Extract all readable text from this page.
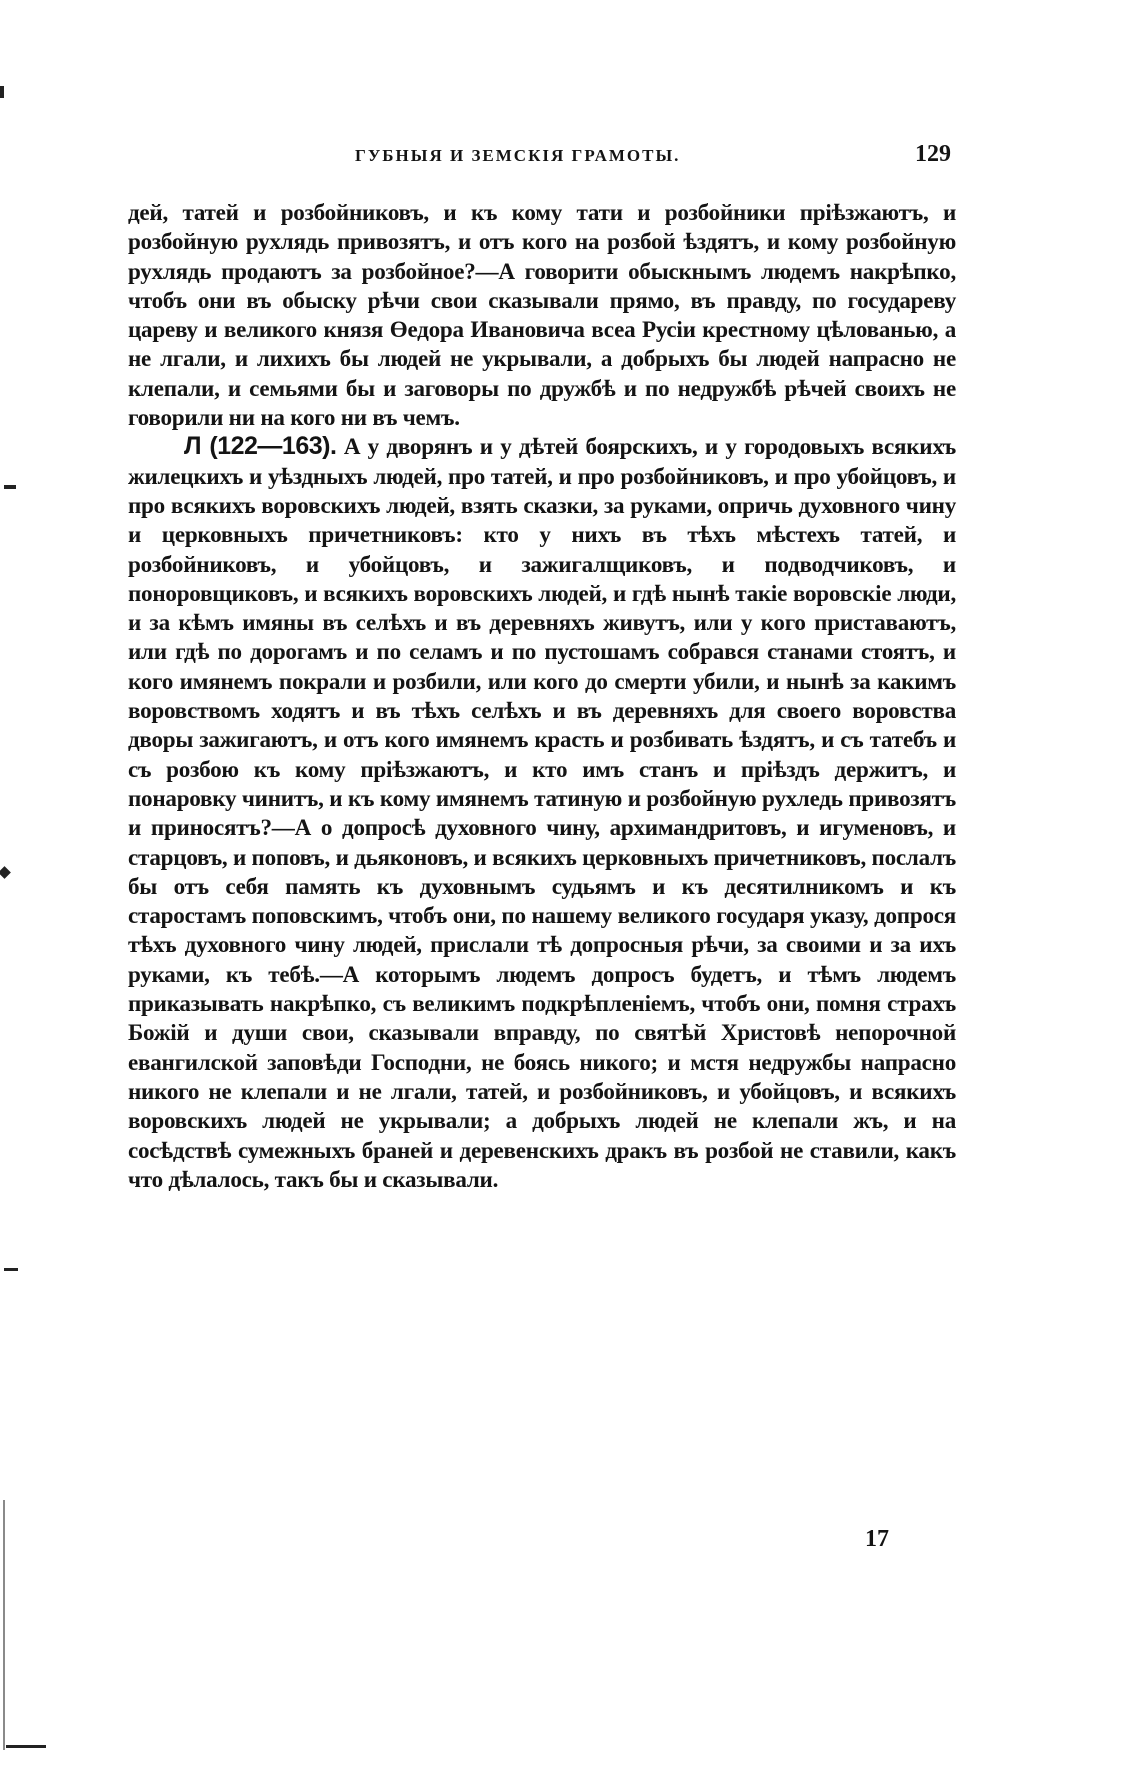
ГУБНЫЯ И ЗЕМСКІЯ ГРАМОТЫ.	129

дей, татей и розбойниковъ, и къ кому тати и розбойники пріѣзжаютъ, и розбойную рухлядь привозятъ, и отъ кого на розбой ѣздятъ, и кому розбойную рухлядь продаютъ за розбойное?—А говорити обыскнымъ людемъ накрѣпко, чтобъ они въ обыску рѣчи свои сказывали прямо, въ правду, по государеву цареву и великого князя Өедора Ивановича всеа Русіи крестному цѣлованью, а не лгали, и лихихъ бы людей не укрывали, а добрыхъ бы людей напрасно не клепали, и семьями бы и заговоры по дружбѣ и по недружбѣ рѣчей своихъ не говорили ни на кого ни въ чемъ.

Л (122—163). А у дворянъ и у дѣтей боярскихъ, и у городовыхъ всякихъ жилецкихъ и уѣздныхъ людей, про татей, и про розбойниковъ, и про убойцовъ, и про всякихъ воровскихъ людей, взять сказки, за руками, опричь духовного чину и церковныхъ причетниковъ: кто у нихъ въ тѣхъ мѣстехъ татей, и розбойниковъ, и убойцовъ, и зажигалщиковъ, и подводчиковъ, и поноровщиковъ, и всякихъ воровскихъ людей, и гдѣ нынѣ такіе воровскіе люди, и за кѣмъ имяны въ селѣхъ и въ деревняхъ живутъ, или у кого приставаютъ, или гдѣ по дорогамъ и по селамъ и по пустошамъ собрався станами стоятъ, и кого имянемъ покрали и розбили, или кого до смерти убили, и нынѣ за какимъ воровствомъ ходятъ и въ тѣхъ селѣхъ и въ деревняхъ для своего воровства дворы зажигаютъ, и отъ кого имянемъ красть и розбивать ѣздятъ, и съ татебъ и съ розбою къ кому пріѣзжаютъ, и кто имъ станъ и пріѣздъ держитъ, и понаровку чинитъ, и къ кому имянемъ татиную и розбойную рухледь привозятъ и приносятъ?—А о допросѣ духовного чину, архимандритовъ, и игуменовъ, и старцовъ, и поповъ, и дьяконовъ, и всякихъ церковныхъ причетниковъ, послалъ бы отъ себя память къ духовнымъ судьямъ и къ десятилникомъ и къ старостамъ поповскимъ, чтобъ они, по нашему великого государя указу, допрося тѣхъ духовного чину людей, прислали тѣ допросныя рѣчи, за своими и за ихъ руками, къ тебѣ.—А которымъ людемъ допросъ будетъ, и тѣмъ людемъ приказывать накрѣпко, съ великимъ подкрѣпленіемъ, чтобъ они, помня страхъ Божій и души свои, сказывали вправду, по святѣй Христовѣ непорочной евангилской заповѣди Господни, не боясь никого; и мстя недружбы напрасно никого не клепали и не лгали, татей, и розбойниковъ, и убойцовъ, и всякихъ воровскихъ людей не укрывали; а добрыхъ людей не клепали жъ, и на сосѣдствѣ сумежныхъ браней и деревенскихъ дракъ въ розбой не ставили, какъ что дѣлалось, такъ бы и сказывали.

17
